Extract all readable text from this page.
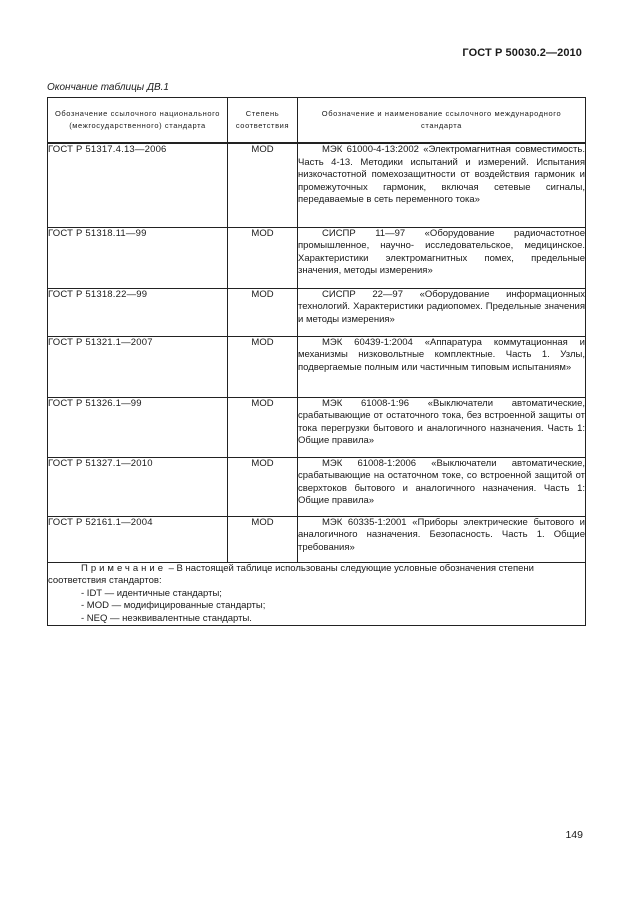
ГОСТ Р 50030.2—2010
Окончание таблицы ДВ.1
Обозначение ссылочного национального (межгосударственного) стандарта	Степень соответствия	Обозначение и наименование ссылочного международного стандарта
ГОСТ Р 51317.4.13—2006	MOD	МЭК 61000-4-13:2002 «Электромагнитная совместимость. Часть 4-13. Методики испытаний и измерений. Испытания низкочастотной помехозащитности от воздействия гармоник и промежуточных гармоник, включая сетевые сигналы, передаваемые в сеть переменного тока»
ГОСТ Р 51318.11—99	MOD	СИСПР 11—97 «Оборудование радиочастотное промышленное, научно- исследовательское, медицинское. Характеристики электромагнитных помех, предельные значения, методы измерения»
ГОСТ Р 51318.22—99	MOD	СИСПР 22—97 «Оборудование информационных технологий. Характеристики радиопомех. Предельные значения и методы измерения»
ГОСТ Р 51321.1—2007	MOD	МЭК 60439-1:2004 «Аппаратура коммутационная и механизмы низковольтные комплектные. Часть 1. Узлы, подвергаемые полным или частичным типовым испытаниям»
ГОСТ Р 51326.1—99	MOD	МЭК 61008-1:96 «Выключатели автоматические, срабатывающие от остаточного тока, без встроенной защиты от тока перегрузки бытового и аналогичного назначения. Часть 1: Общие правила»
ГОСТ Р 51327.1—2010	MOD	МЭК 61008-1:2006 «Выключатели автоматические, срабатывающие на остаточном токе, со встроенной защитой от сверхтоков бытового и аналогичного назначения. Часть 1: Общие правила»
ГОСТ Р 52161.1—2004	MOD	МЭК 60335-1:2001 «Приборы электрические бытового и аналогичного назначения. Безопасность. Часть 1. Общие требования»

Примечание – В настоящей таблице использованы следующие условные обозначения степени соответствия стандартов:
- IDT — идентичные стандарты;
- MOD — модифицированные стандарты;
- NEQ — неэквивалентные стандарты.		
149
